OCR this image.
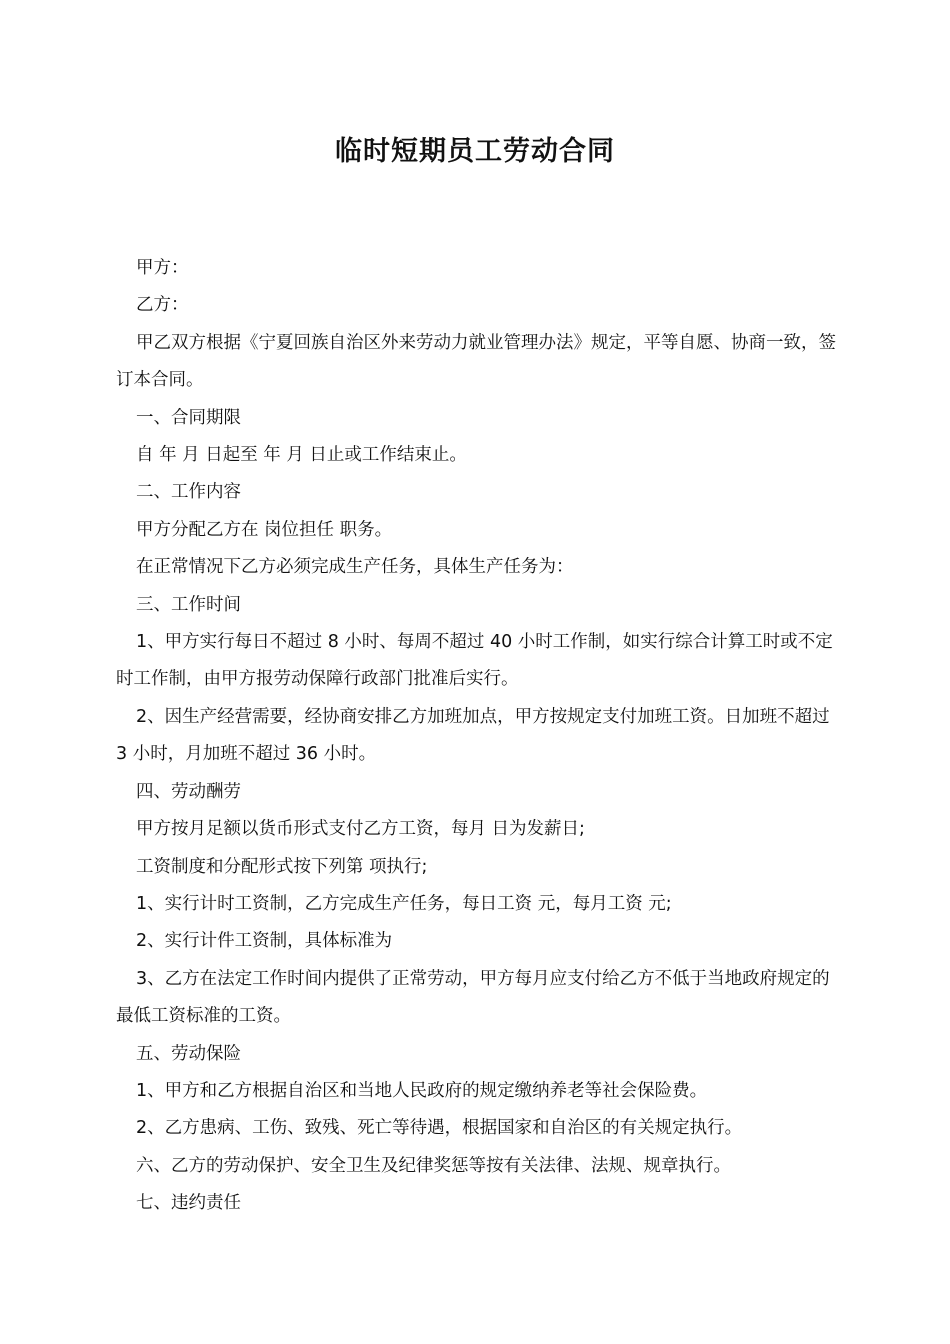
临时短期员工劳动合同

甲方：

乙方：

甲乙双方根据《宁夏回族自治区外来劳动力就业管理办法》规定，平等自愿、协商一致，签订本合同。

一、合同期限

自 年 月 日起至 年 月 日止或工作结束止。

二、工作内容

甲方分配乙方在 岗位担任 职务。

在正常情况下乙方必须完成生产任务，具体生产任务为：

三、工作时间

1、甲方实行每日不超过 8 小时、每周不超过 40 小时工作制，如实行综合计算工时或不定时工作制，由甲方报劳动保障行政部门批准后实行。

2、因生产经营需要，经协商安排乙方加班加点，甲方按规定支付加班工资。日加班不超过 3 小时，月加班不超过 36 小时。

四、劳动酬劳

甲方按月足额以货币形式支付乙方工资，每月 日为发薪日;

工资制度和分配形式按下列第 项执行;

1、实行计时工资制，乙方完成生产任务，每日工资 元，每月工资 元;

2、实行计件工资制，具体标准为

3、乙方在法定工作时间内提供了正常劳动，甲方每月应支付给乙方不低于当地政府规定的最低工资标准的工资。

五、劳动保险

1、甲方和乙方根据自治区和当地人民政府的规定缴纳养老等社会保险费。

2、乙方患病、工伤、致残、死亡等待遇，根据国家和自治区的有关规定执行。

六、乙方的劳动保护、安全卫生及纪律奖惩等按有关法律、法规、规章执行。

七、违约责任
